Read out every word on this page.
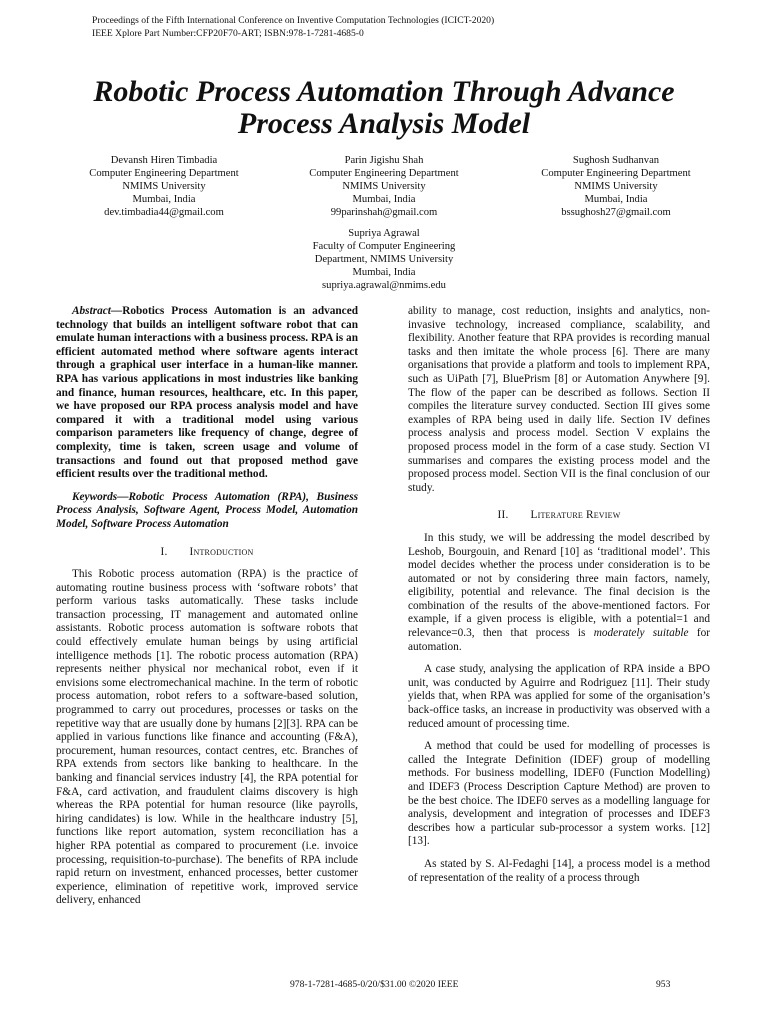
Proceedings of the Fifth International Conference on Inventive Computation Technologies (ICICT-2020)
IEEE Xplore Part Number:CFP20F70-ART; ISBN:978-1-7281-4685-0
Robotic Process Automation Through Advance
Process Analysis Model
Devansh Hiren Timbadia
Computer Engineering Department
NMIMS University
Mumbai, India
dev.timbadia44@gmail.com
Parin Jigishu Shah
Computer Engineering Department
NMIMS University
Mumbai, India
99parinshah@gmail.com
Sughosh Sudhanvan
Computer Engineering Department
NMIMS University
Mumbai, India
bssughosh27@gmail.com
Supriya Agrawal
Faculty of Computer Engineering
Department, NMIMS University
Mumbai, India
supriya.agrawal@nmims.edu

Abstract—Robotics Process Automation is an advanced technology that builds an intelligent software robot that can emulate human interactions with a business process. RPA is an efficient automated method where software agents interact through a graphical user interface in a human-like manner. RPA has various applications in most industries like banking and finance, human resources, healthcare, etc. In this paper, we have proposed our RPA process analysis model and have compared it with a traditional model using various comparison parameters like frequency of change, degree of complexity, time is taken, screen usage and volume of transactions and found out that proposed method gave efficient results over the traditional method.

Keywords—Robotic Process Automation (RPA), Business Process Analysis, Software Agent, Process Model, Automation Model, Software Process Automation

I. Introduction

This Robotic process automation (RPA) is the practice of automating routine business process with ‘software robots’ that perform various tasks automatically. These tasks include transaction processing, IT management and automated online assistants. Robotic process automation is software robots that could effectively emulate human beings by using artificial intelligence methods [1]. The robotic process automation (RPA) represents neither physical nor mechanical robot, even if it envisions some electromechanical machine. In the term of robotic process automation, robot refers to a software-based solution, programmed to carry out procedures, processes or tasks on the repetitive way that are usually done by humans [2][3]. RPA can be applied in various functions like finance and accounting (F&A), procurement, human resources, contact centres, etc. Branches of RPA extends from sectors like banking to healthcare. In the banking and financial services industry [4], the RPA potential for F&A, card activation, and fraudulent claims discovery is high whereas the RPA potential for human resource (like payrolls, hiring candidates) is low. While in the healthcare industry [5], functions like report automation, system reconciliation has a higher RPA potential as compared to procurement (i.e. invoice processing, requisition-to-purchase). The benefits of RPA include rapid return on investment, enhanced processes, better customer experience, elimination of repetitive work, improved service delivery, enhanced

ability to manage, cost reduction, insights and analytics, non-invasive technology, increased compliance, scalability, and flexibility. Another feature that RPA provides is recording manual tasks and then imitate the whole process [6]. There are many organisations that provide a platform and tools to implement RPA, such as UiPath [7], BluePrism [8] or Automation Anywhere [9]. The flow of the paper can be described as follows. Section II compiles the literature survey conducted. Section III gives some examples of RPA being used in daily life. Section IV defines process analysis and process model. Section V explains the proposed process model in the form of a case study. Section VI summarises and compares the existing process model and the proposed process model. Section VII is the final conclusion of our study.

II. Literature Review

In this study, we will be addressing the model described by Leshob, Bourgouin, and Renard [10] as ‘traditional model’. This model decides whether the process under consideration is to be automated or not by considering three main factors, namely, eligibility, potential and relevance. The final decision is the combination of the results of the above-mentioned factors. For example, if a given process is eligible, with a potential=1 and relevance=0.3, then that process is moderately suitable for automation.

A case study, analysing the application of RPA inside a BPO unit, was conducted by Aguirre and Rodriguez [11]. Their study yields that, when RPA was applied for some of the organisation’s back-office tasks, an increase in productivity was observed with a reduced amount of processing time.

A method that could be used for modelling of processes is called the Integrate Definition (IDEF) group of modelling methods. For business modelling, IDEF0 (Function Modelling) and IDEF3 (Process Description Capture Method) are proven to be the best choice. The IDEF0 serves as a modelling language for analysis, development and integration of processes and IDEF3 describes how a particular sub-processor a system works. [12][13].

As stated by S. Al-Fedaghi [14], a process model is a method of representation of the reality of a process through

978-1-7281-4685-0/20/$31.00 ©2020 IEEE	953
